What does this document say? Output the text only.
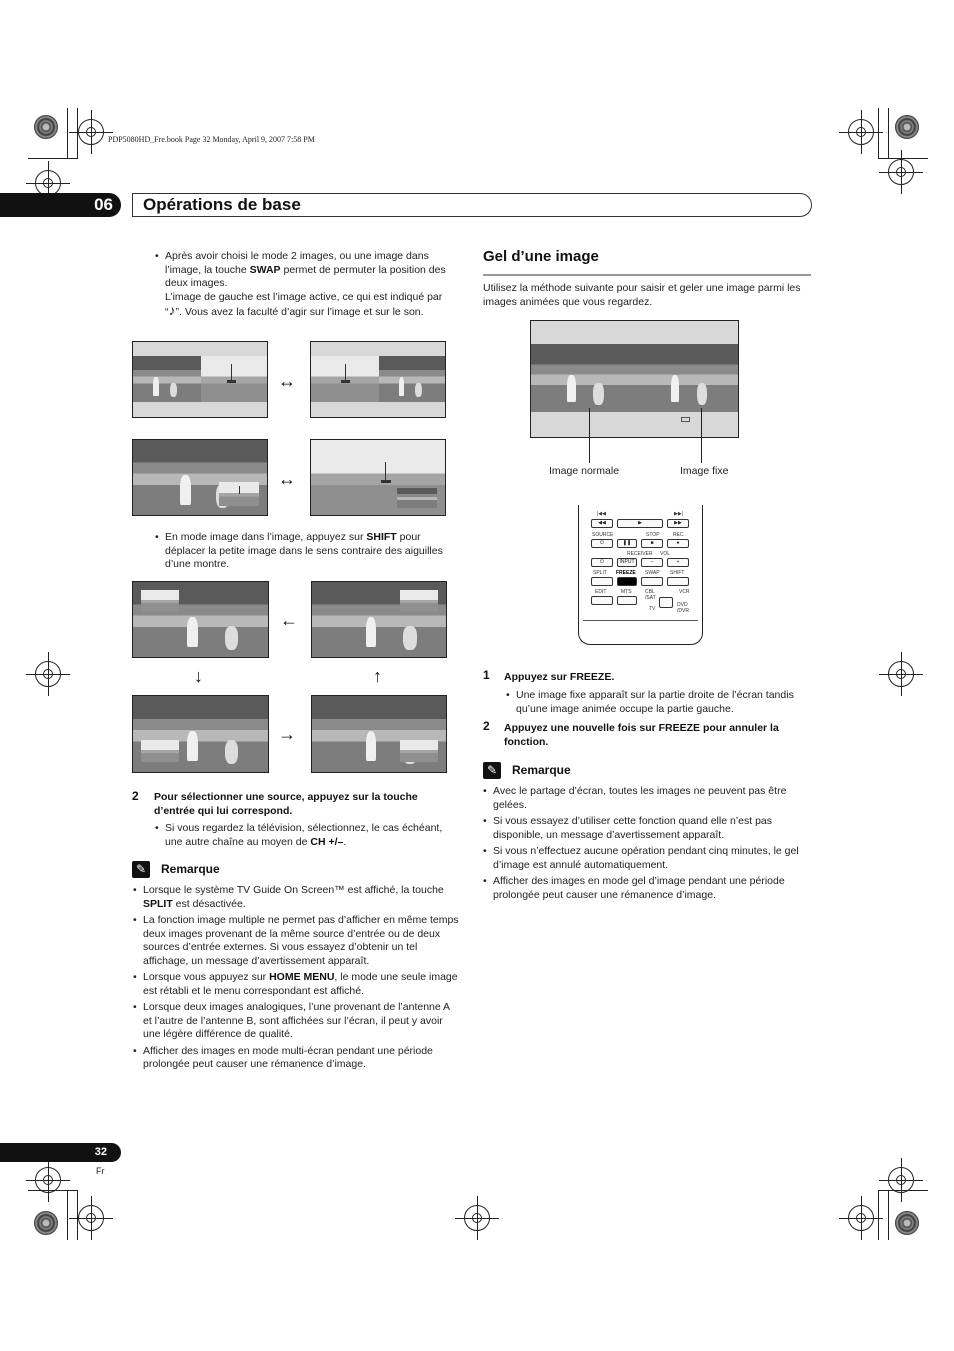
PDP5080HD_Fre.book Page 32 Monday, April 9, 2007 7:58 PM
06	Opérations de base
• Après avoir choisi le mode 2 images, ou une image dans l’image, la touche SWAP permet de permuter la position des deux images.
L’image de gauche est l’image active, ce qui est indiqué par “♪”. Vous avez la faculté d’agir sur l’image et sur le son.
↔
↔
• En mode image dans l’image, appuyez sur SHIFT pour déplacer la petite image dans le sens contraire des aiguilles d’une montre.
←
↓	↑
→
2 Pour sélectionner une source, appuyez sur la touche d’entrée qui lui correspond.
• Si vous regardez la télévision, sélectionnez, le cas échéant, une autre chaîne au moyen de CH +/–.
✎	Remarque
• Lorsque le système TV Guide On Screen™ est affiché, la touche SPLIT est désactivée.
• La fonction image multiple ne permet pas d’afficher en même temps deux images provenant de la même source d’entrée ou de deux sources d’entrée externes. Si vous essayez d’obtenir un tel affichage, un message d’avertissement apparaît.
• Lorsque vous appuyez sur HOME MENU, le mode une seule image est rétabli et le menu correspondant est affiché.
• Lorsque deux images analogiques, l’une provenant de l’antenne A et l’autre de l’antenne B, sont affichées sur l’écran, il peut y avoir une légère différence de qualité.
• Afficher des images en mode multi-écran pendant une période prolongée peut causer une rémanence d’image.
Gel d’une image
Utilisez la méthode suivante pour saisir et geler une image parmi les images animées que vous regardez.
Image normale	Image fixe
|◀◀	▶▶|
◀◀	▶	▶▶
SOURCE	STOP	REC
⏻	❚❚	■	●
RECEIVER VOL
⏻	INPUT	–	+
SPLIT FREEZE SWAP SHIFT
EDIT	MTS	CBL /SAT
VCR
TV
DVD /DVR
1 Appuyez sur FREEZE.
• Une image fixe apparaît sur la partie droite de l’écran tandis qu’une image animée occupe la partie gauche.
2 Appuyez une nouvelle fois sur FREEZE pour annuler la fonction.
✎	Remarque
• Avec le partage d’écran, toutes les images ne peuvent pas être gelées.
• Si vous essayez d’utiliser cette fonction quand elle n’est pas disponible, un message d’avertissement apparaît.
• Si vous n’effectuez aucune opération pendant cinq minutes, le gel d’image est annulé automatiquement.
• Afficher des images en mode gel d’image pendant une période prolongée peut causer une rémanence d’image.
32
Fr
